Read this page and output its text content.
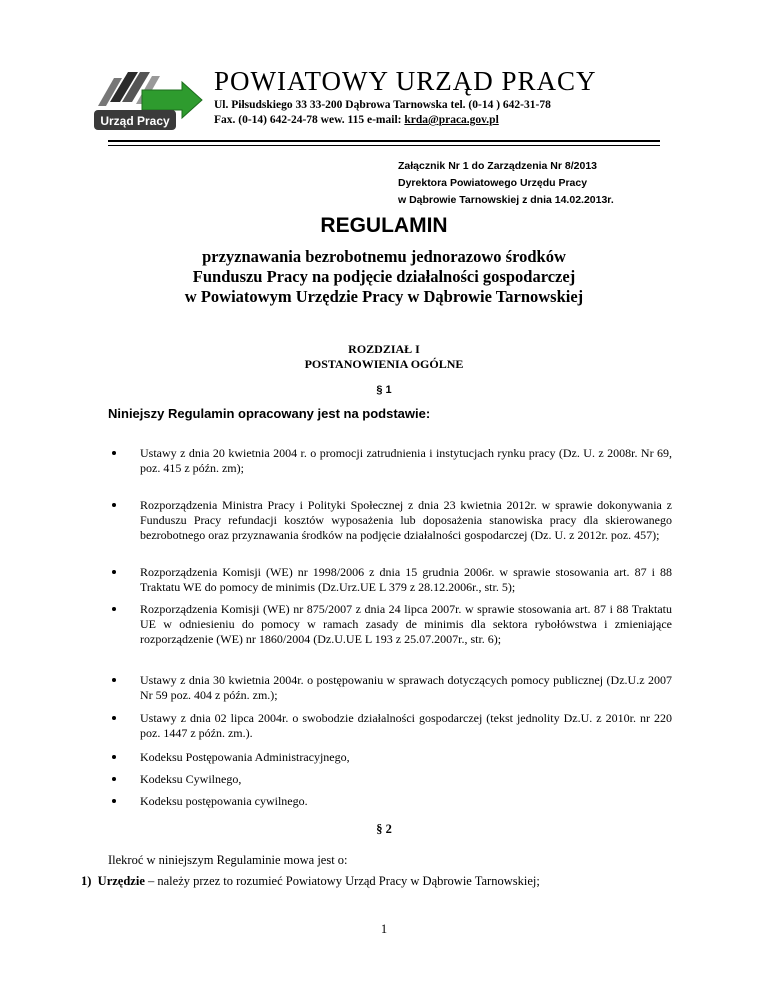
Urząd Pracy
POWIATOWY URZĄD PRACY
Ul. Piłsudskiego 33 33-200 Dąbrowa Tarnowska tel. (0-14 ) 642-31-78
Fax. (0-14) 642-24-78 wew. 115 e-mail: krda@praca.gov.pl
Załącznik Nr 1 do Zarządzenia Nr 8/2013
Dyrektora Powiatowego Urzędu Pracy
w Dąbrowie Tarnowskiej z dnia 14.02.2013r.
REGULAMIN
przyznawania bezrobotnemu jednorazowo środków
Funduszu Pracy na podjęcie działalności gospodarczej
w Powiatowym Urzędzie Pracy w Dąbrowie Tarnowskiej
ROZDZIAŁ I
POSTANOWIENIA OGÓLNE
§ 1
Niniejszy Regulamin opracowany jest na podstawie:
Ustawy z dnia 20 kwietnia 2004 r. o promocji zatrudnienia i instytucjach rynku pracy (Dz. U. z 2008r. Nr 69, poz. 415 z późn. zm);
Rozporządzenia Ministra Pracy i Polityki Społecznej z dnia 23 kwietnia 2012r. w sprawie dokonywania z Funduszu Pracy refundacji kosztów wyposażenia lub doposażenia stanowiska pracy dla skierowanego bezrobotnego oraz przyznawania środków na podjęcie działalności gospodarczej (Dz. U. z 2012r. poz. 457);
Rozporządzenia Komisji (WE) nr 1998/2006 z dnia 15 grudnia 2006r. w sprawie stosowania art. 87 i 88 Traktatu WE do pomocy de minimis (Dz.Urz.UE L 379 z 28.12.2006r., str. 5);
Rozporządzenia Komisji (WE) nr 875/2007 z dnia 24 lipca 2007r. w sprawie stosowania art. 87 i 88 Traktatu UE w odniesieniu do pomocy w ramach zasady de minimis dla sektora rybołówstwa i zmieniające rozporządzenie (WE) nr 1860/2004 (Dz.U.UE L 193 z 25.07.2007r., str. 6);
Ustawy z dnia 30 kwietnia 2004r. o postępowaniu w sprawach dotyczących pomocy publicznej (Dz.U.z 2007 Nr 59 poz. 404 z późn. zm.);
Ustawy z dnia 02 lipca 2004r. o swobodzie działalności gospodarczej (tekst jednolity Dz.U. z 2010r. nr 220 poz. 1447 z późn. zm.).
Kodeksu Postępowania Administracyjnego,
Kodeksu Cywilnego,
Kodeksu postępowania cywilnego.
§ 2
Ilekroć w niniejszym Regulaminie mowa jest o:
1) Urzędzie – należy przez to rozumieć Powiatowy Urząd Pracy w Dąbrowie Tarnowskiej;
1
